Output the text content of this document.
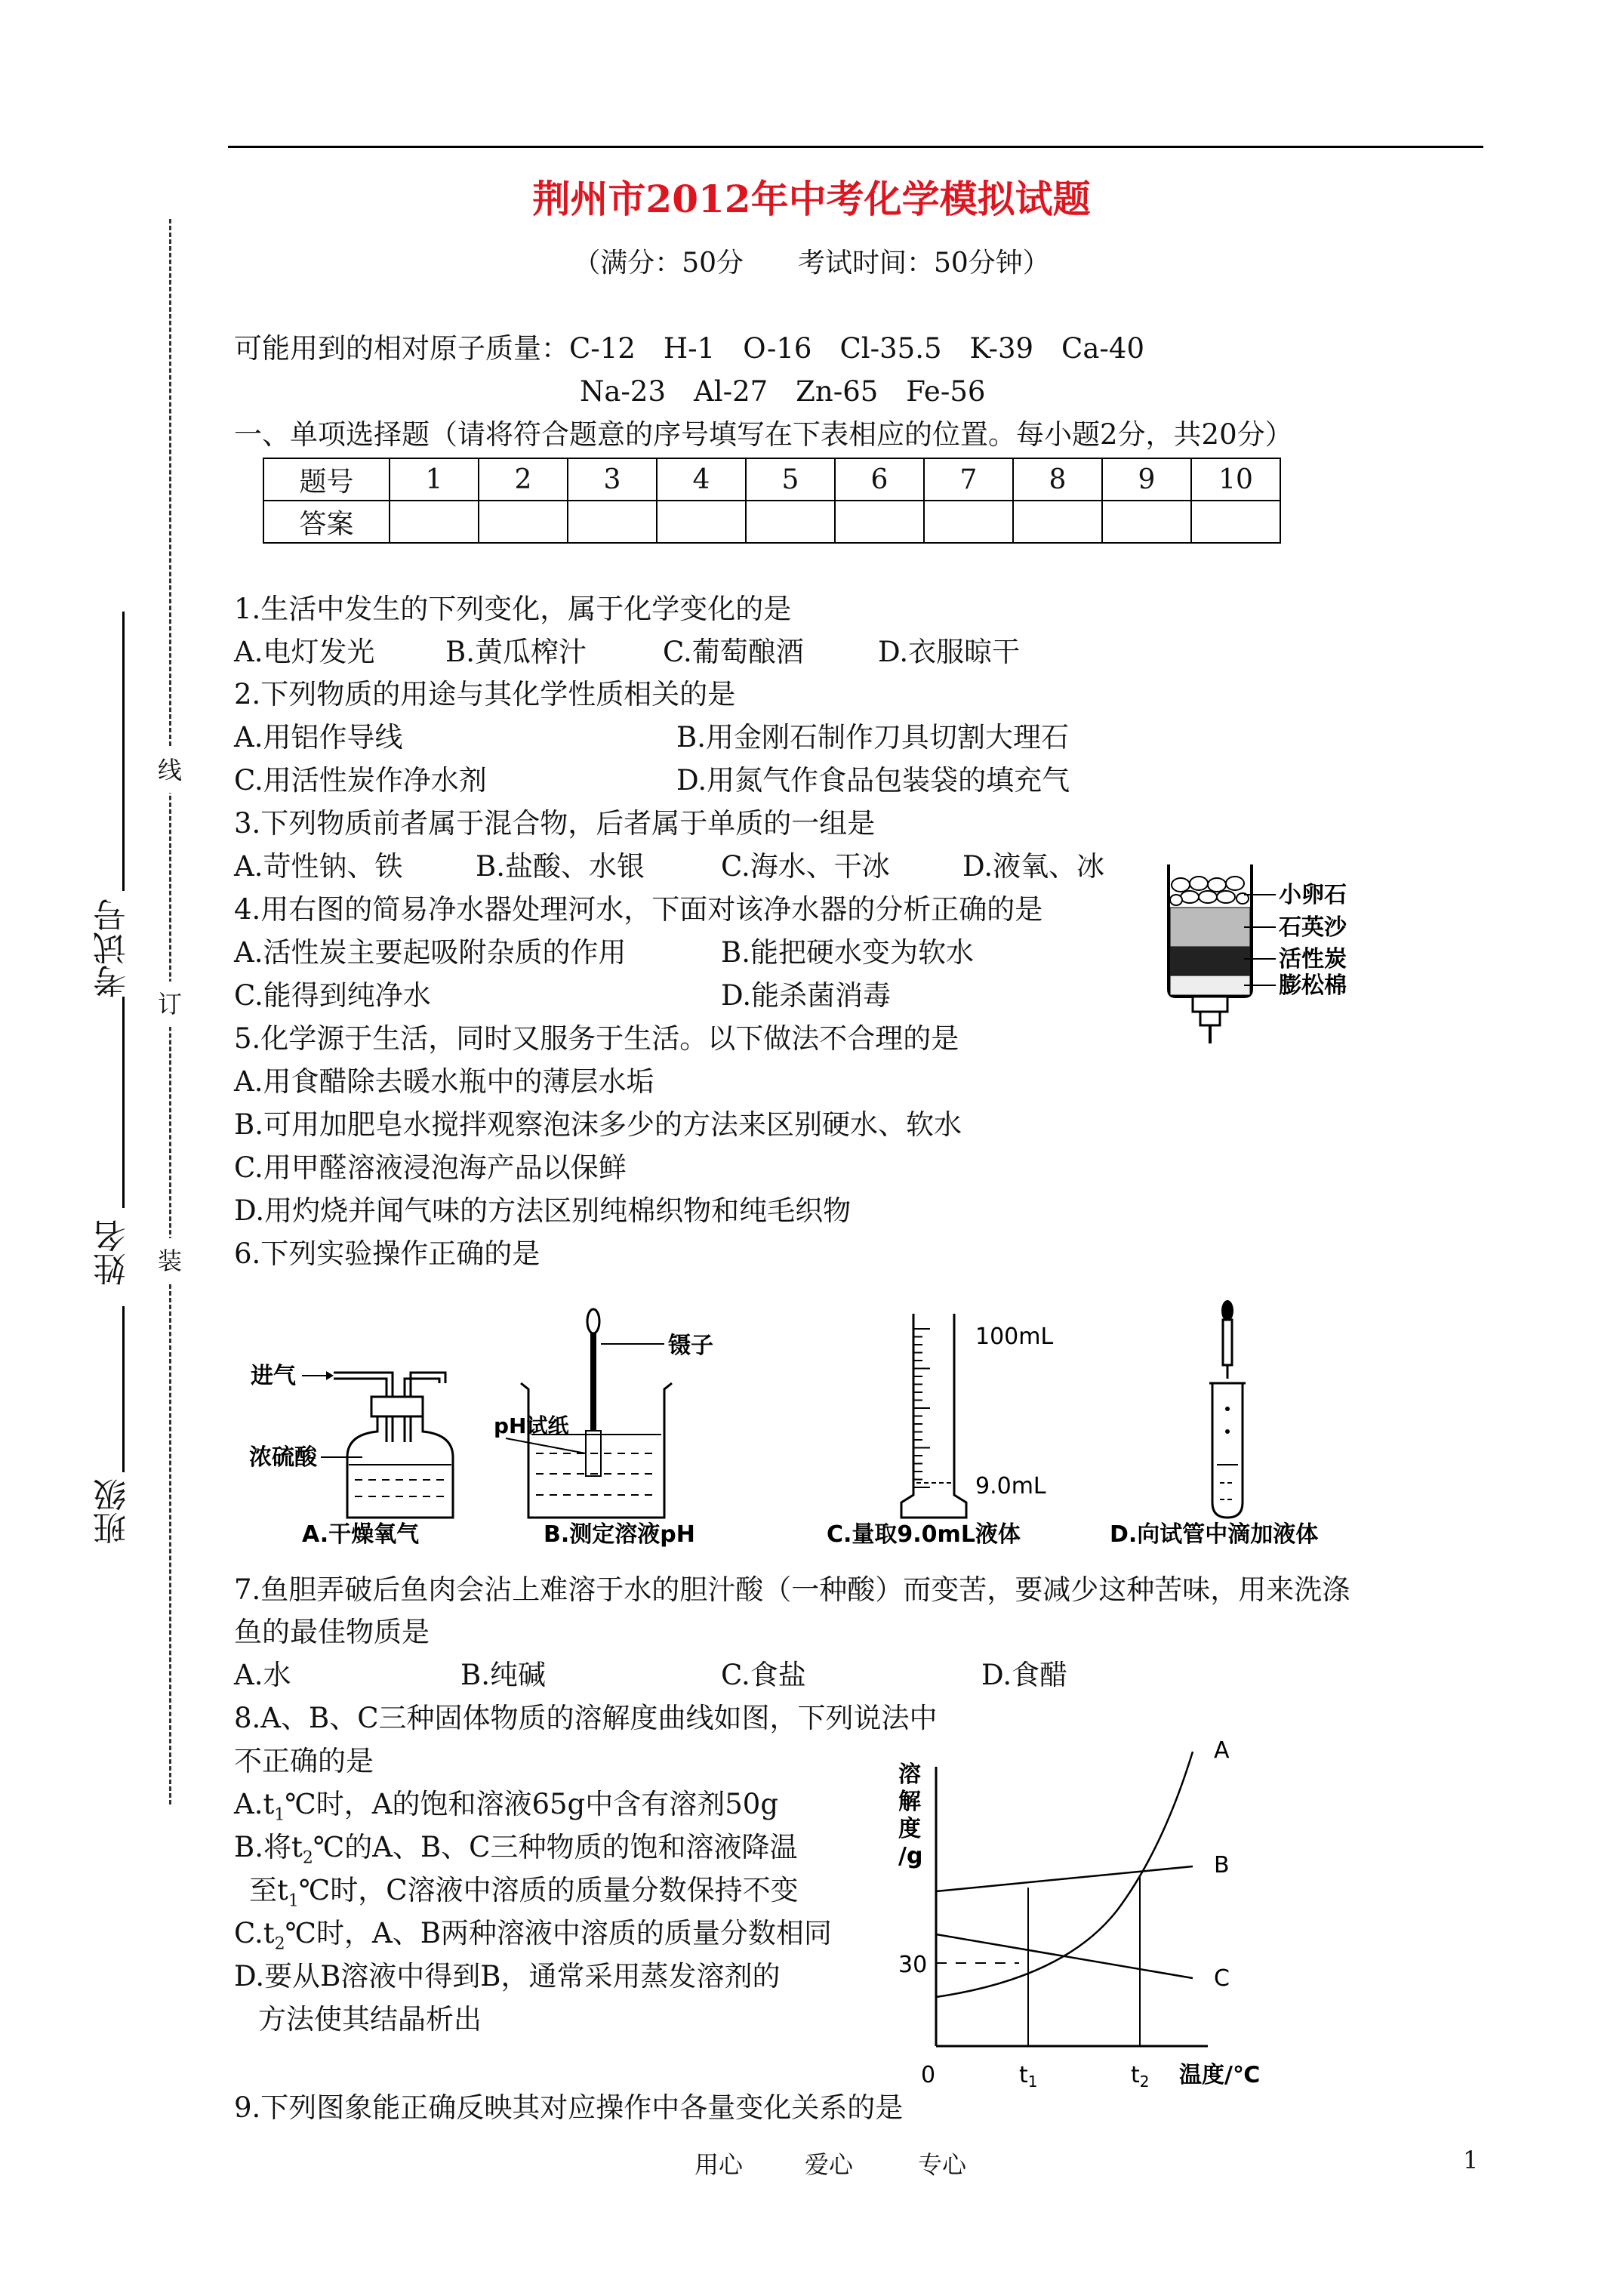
荆州市2012年中考化学模拟试题
（满分：50分　　考试时间：50分钟）
可能用到的相对原子质量：C-12　H-1　O-16　Cl-35.5　K-39　Ca-40
Na-23　Al-27　Zn-65　Fe-56
一、单项选择题（请将符合题意的序号填写在下表相应的位置。每小题2分，共20分）
题号	1	2	3	4	5	6	7	8	9	10
答案										
1.生活中发生的下列变化，属于化学变化的是
A.电灯发光	B.黄瓜榨汁	C.葡萄酿酒	D.衣服晾干
2.下列物质的用途与其化学性质相关的是
A.用铝作导线	B.用金刚石制作刀具切割大理石
C.用活性炭作净水剂	D.用氮气作食品包装袋的填充气
3.下列物质前者属于混合物，后者属于单质的一组是
A.苛性钠、铁	B.盐酸、水银	C.海水、干冰	D.液氧、冰
4.用右图的简易净水器处理河水，下面对该净水器的分析正确的是
A.活性炭主要起吸附杂质的作用	B.能把硬水变为软水
C.能得到纯净水	D.能杀菌消毒
小卵石
石英沙
活性炭
膨松棉
5.化学源于生活，同时又服务于生活。以下做法不合理的是
A.用食醋除去暖水瓶中的薄层水垢
B.可用加肥皂水搅拌观察泡沫多少的方法来区别硬水、软水
C.用甲醛溶液浸泡海产品以保鲜
D.用灼烧并闻气味的方法区别纯棉织物和纯毛织物
6.下列实验操作正确的是
进气
浓硫酸
A.干燥氧气
镊子
pH试纸
B.测定溶液pH
100mL
9.0mL
C.量取9.0mL液体	D.向试管中滴加液体
7.鱼胆弄破后鱼肉会沾上难溶于水的胆汁酸（一种酸）而变苦，要减少这种苦味，用来洗涤
鱼的最佳物质是
A.水	B.纯碱	C.食盐	D.食醋
8.A、B、C三种固体物质的溶解度曲线如图，下列说法中
不正确的是
$A.t_1℃$时，A的饱和溶液65g中含有溶剂50g
B.将$t_2℃$的A、B、C三种物质的饱和溶液降温
至$t_1℃$时，C溶液中溶质的质量分数保持不变
$C.t_2℃$时，A、B两种溶液中溶质的质量分数相同
D.要从B溶液中得到B，通常采用蒸发溶剂的
方法使其结晶析出
溶
解
度
/g
A
B
C
30
0	$t_1$	$t_2$ 温度/℃
9.下列图象能正确反映其对应操作中各量变化关系的是
线
订
装
班级
姓名
考试号
用心	爱心	专心	1
